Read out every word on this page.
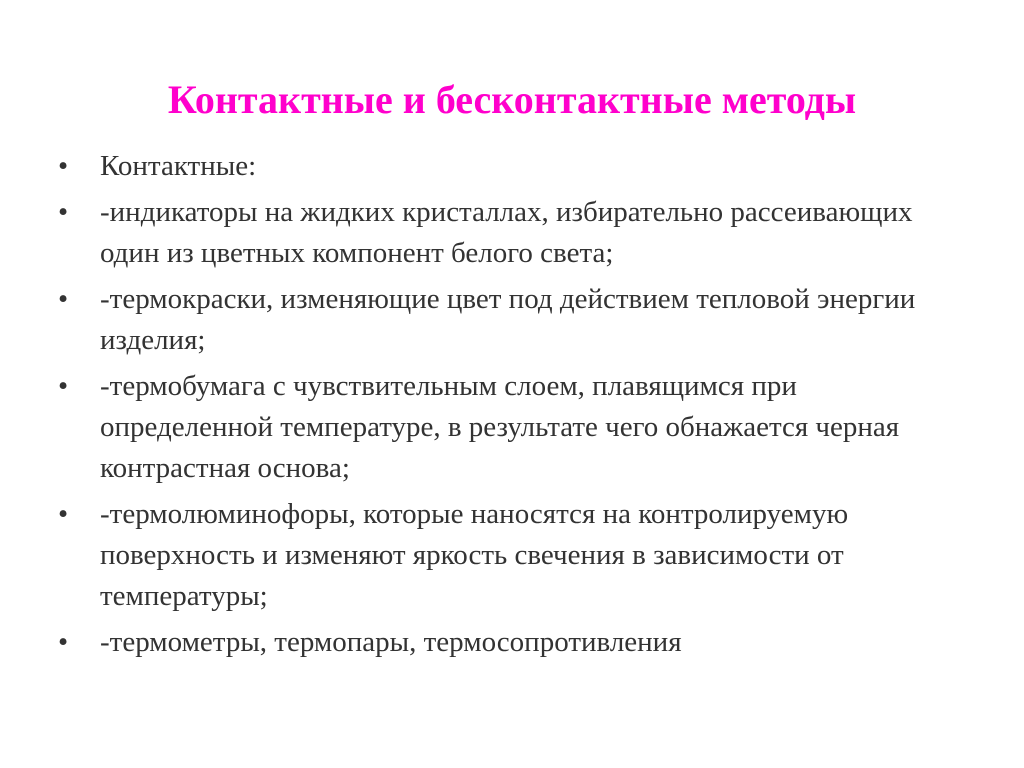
Контактные и бесконтактные методы
• Контактные:
• -индикаторы на жидких кристаллах, избирательно рассеивающих один из цветных компонент белого света;
• -термокраски, изменяющие цвет под действием тепловой энергии изделия;
• -термобумага с чувствительным слоем, плавящимся при определенной температуре, в результате чего обнажается черная контрастная основа;
• -термолюминофоры, которые наносятся на контролируемую поверхность и изменяют яркость свечения в зависимости от температуры;
• -термометры, термопары, термосопротивления
